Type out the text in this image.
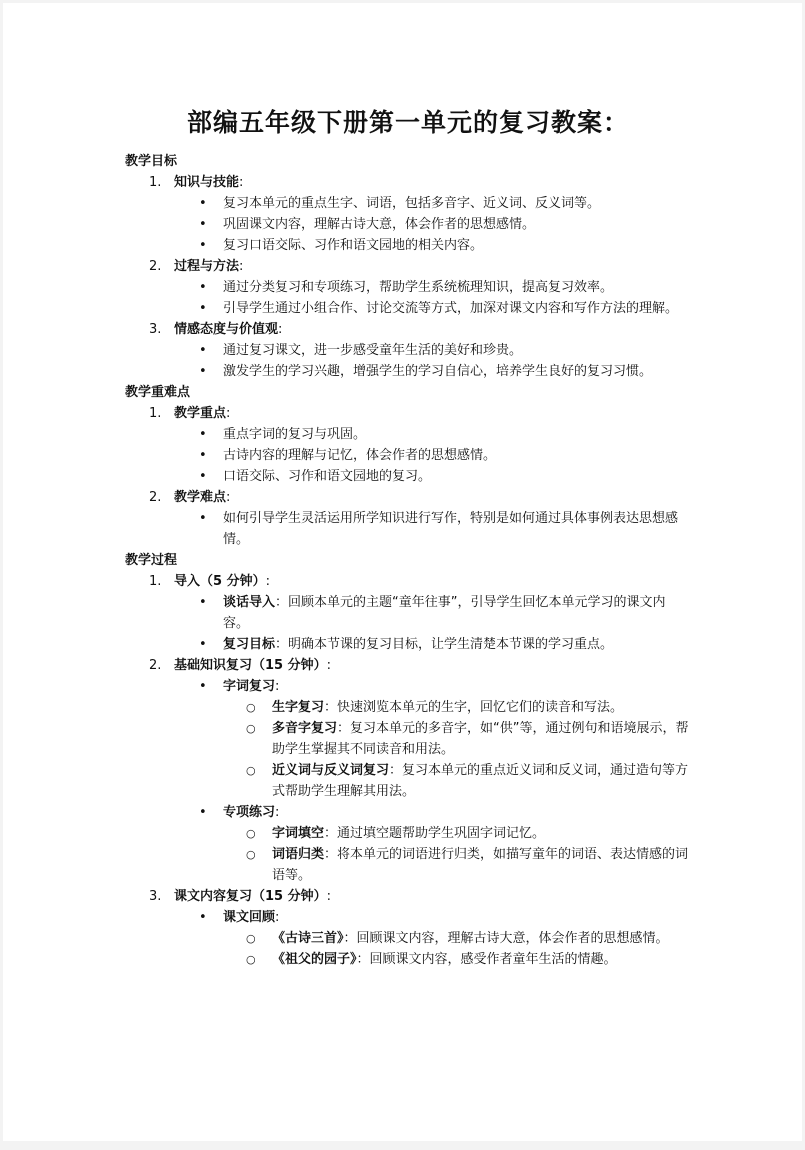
部编五年级下册第一单元的复习教案：
教学目标
1. 知识与技能:
• 复习本单元的重点生字、词语，包括多音字、近义词、反义词等。
• 巩固课文内容，理解古诗大意，体会作者的思想感情。
• 复习口语交际、习作和语文园地的相关内容。
2. 过程与方法:
• 通过分类复习和专项练习，帮助学生系统梳理知识，提高复习效率。
• 引导学生通过小组合作、讨论交流等方式，加深对课文内容和写作方法的理解。
3. 情感态度与价值观:
• 通过复习课文，进一步感受童年生活的美好和珍贵。
• 激发学生的学习兴趣，增强学生的学习自信心，培养学生良好的复习习惯。
教学重难点
1. 教学重点:
• 重点字词的复习与巩固。
• 古诗内容的理解与记忆，体会作者的思想感情。
• 口语交际、习作和语文园地的复习。
2. 教学难点:
• 如何引导学生灵活运用所学知识进行写作，特别是如何通过具体事例表达思想感情。
教学过程
1. 导入（5 分钟）:
• 谈话导入：回顾本单元的主题“童年往事”，引导学生回忆本单元学习的课文内容。
• 复习目标：明确本节课的复习目标，让学生清楚本节课的学习重点。
2. 基础知识复习（15 分钟）:
• 字词复习:
○ 生字复习：快速浏览本单元的生字，回忆它们的读音和写法。
○ 多音字复习：复习本单元的多音字，如“供”等，通过例句和语境展示，帮助学生掌握其不同读音和用法。
○ 近义词与反义词复习：复习本单元的重点近义词和反义词，通过造句等方式帮助学生理解其用法。
• 专项练习:
○ 字词填空：通过填空题帮助学生巩固字词记忆。
○ 词语归类：将本单元的词语进行归类，如描写童年的词语、表达情感的词语等。
3. 课文内容复习（15 分钟）:
• 课文回顾:
○ 《古诗三首》：回顾课文内容，理解古诗大意，体会作者的思想感情。
○ 《祖父的园子》：回顾课文内容，感受作者童年生活的情趣。
